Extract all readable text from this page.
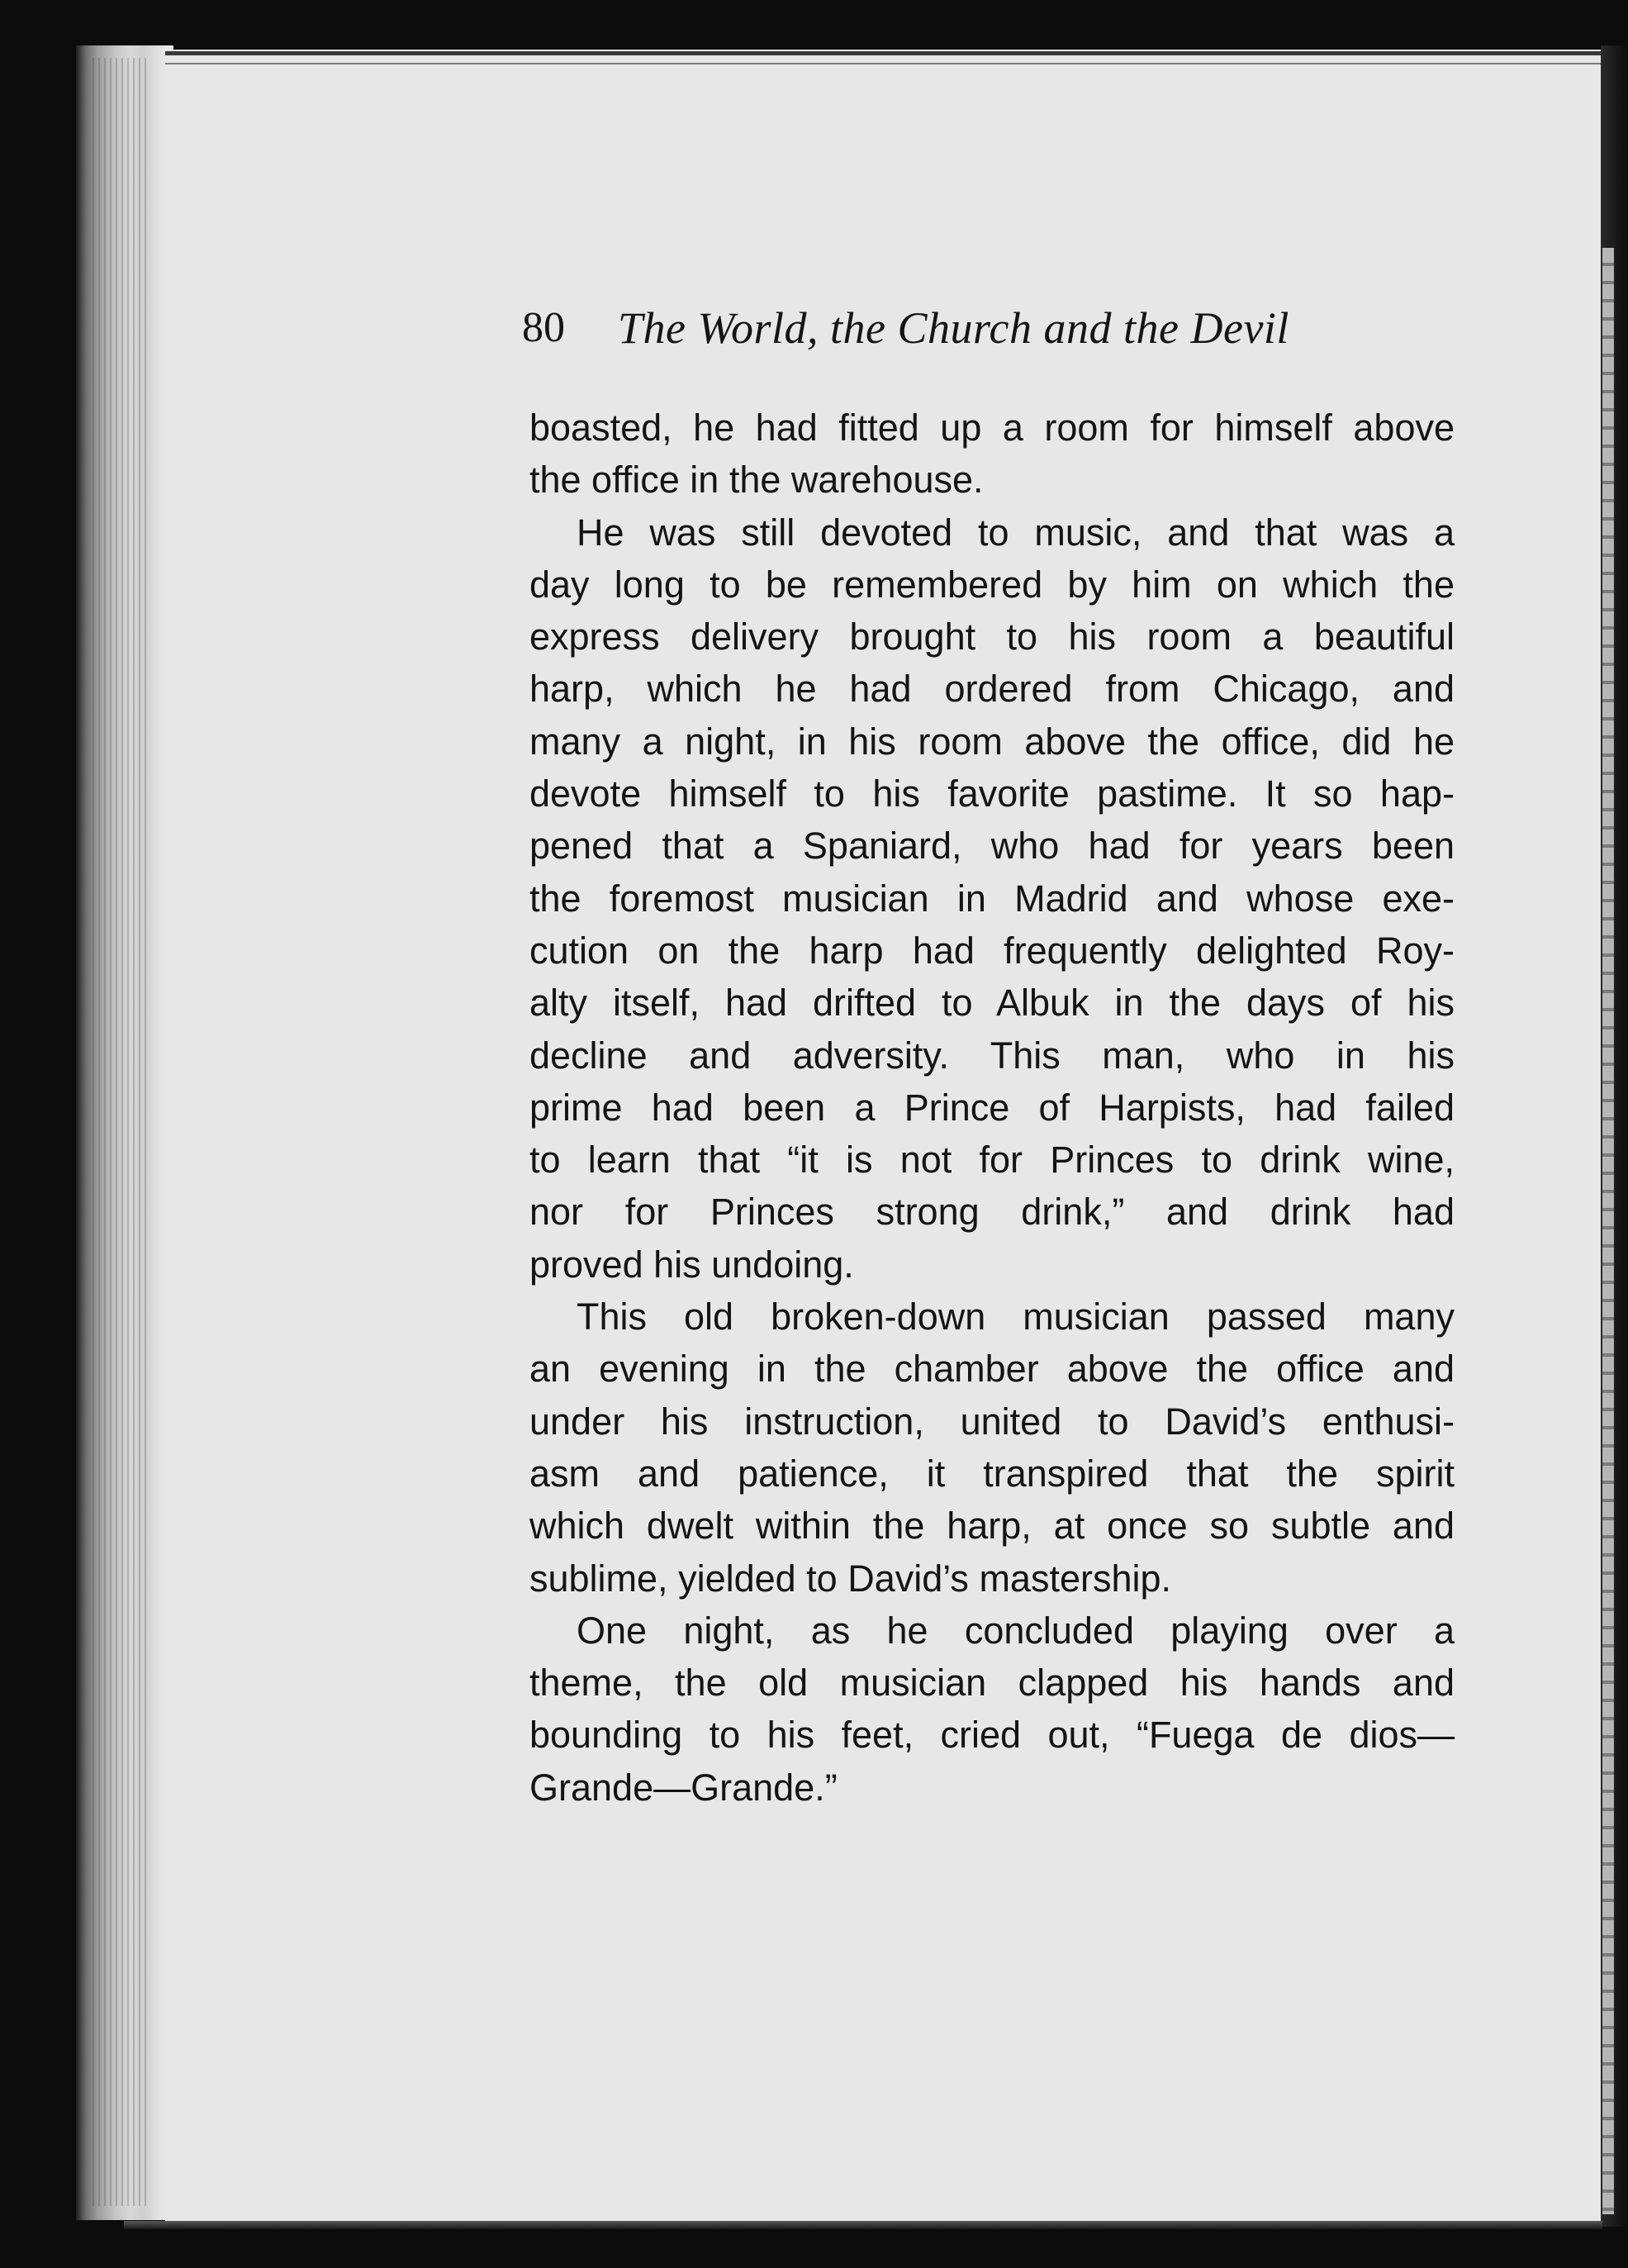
80 The World, the Church and the Devil
boasted, he had fitted up a room for himself above
the office in the warehouse.
He was still devoted to music, and that was a
day long to be remembered by him on which the
express delivery brought to his room a beautiful
harp, which he had ordered from Chicago, and
many a night, in his room above the office, did he
devote himself to his favorite pastime. It so hap-
pened that a Spaniard, who had for years been
the foremost musician in Madrid and whose exe-
cution on the harp had frequently delighted Roy-
alty itself, had drifted to Albuk in the days of his
decline and adversity. This man, who in his
prime had been a Prince of Harpists, had failed
to learn that “it is not for Princes to drink wine,
nor for Princes strong drink,” and drink had
proved his undoing.
This old broken-down musician passed many
an evening in the chamber above the office and
under his instruction, united to David’s enthusi-
asm and patience, it transpired that the spirit
which dwelt within the harp, at once so subtle and
sublime, yielded to David’s mastership.
One night, as he concluded playing over a
theme, the old musician clapped his hands and
bounding to his feet, cried out, “Fuega de dios—
Grande—Grande.”
